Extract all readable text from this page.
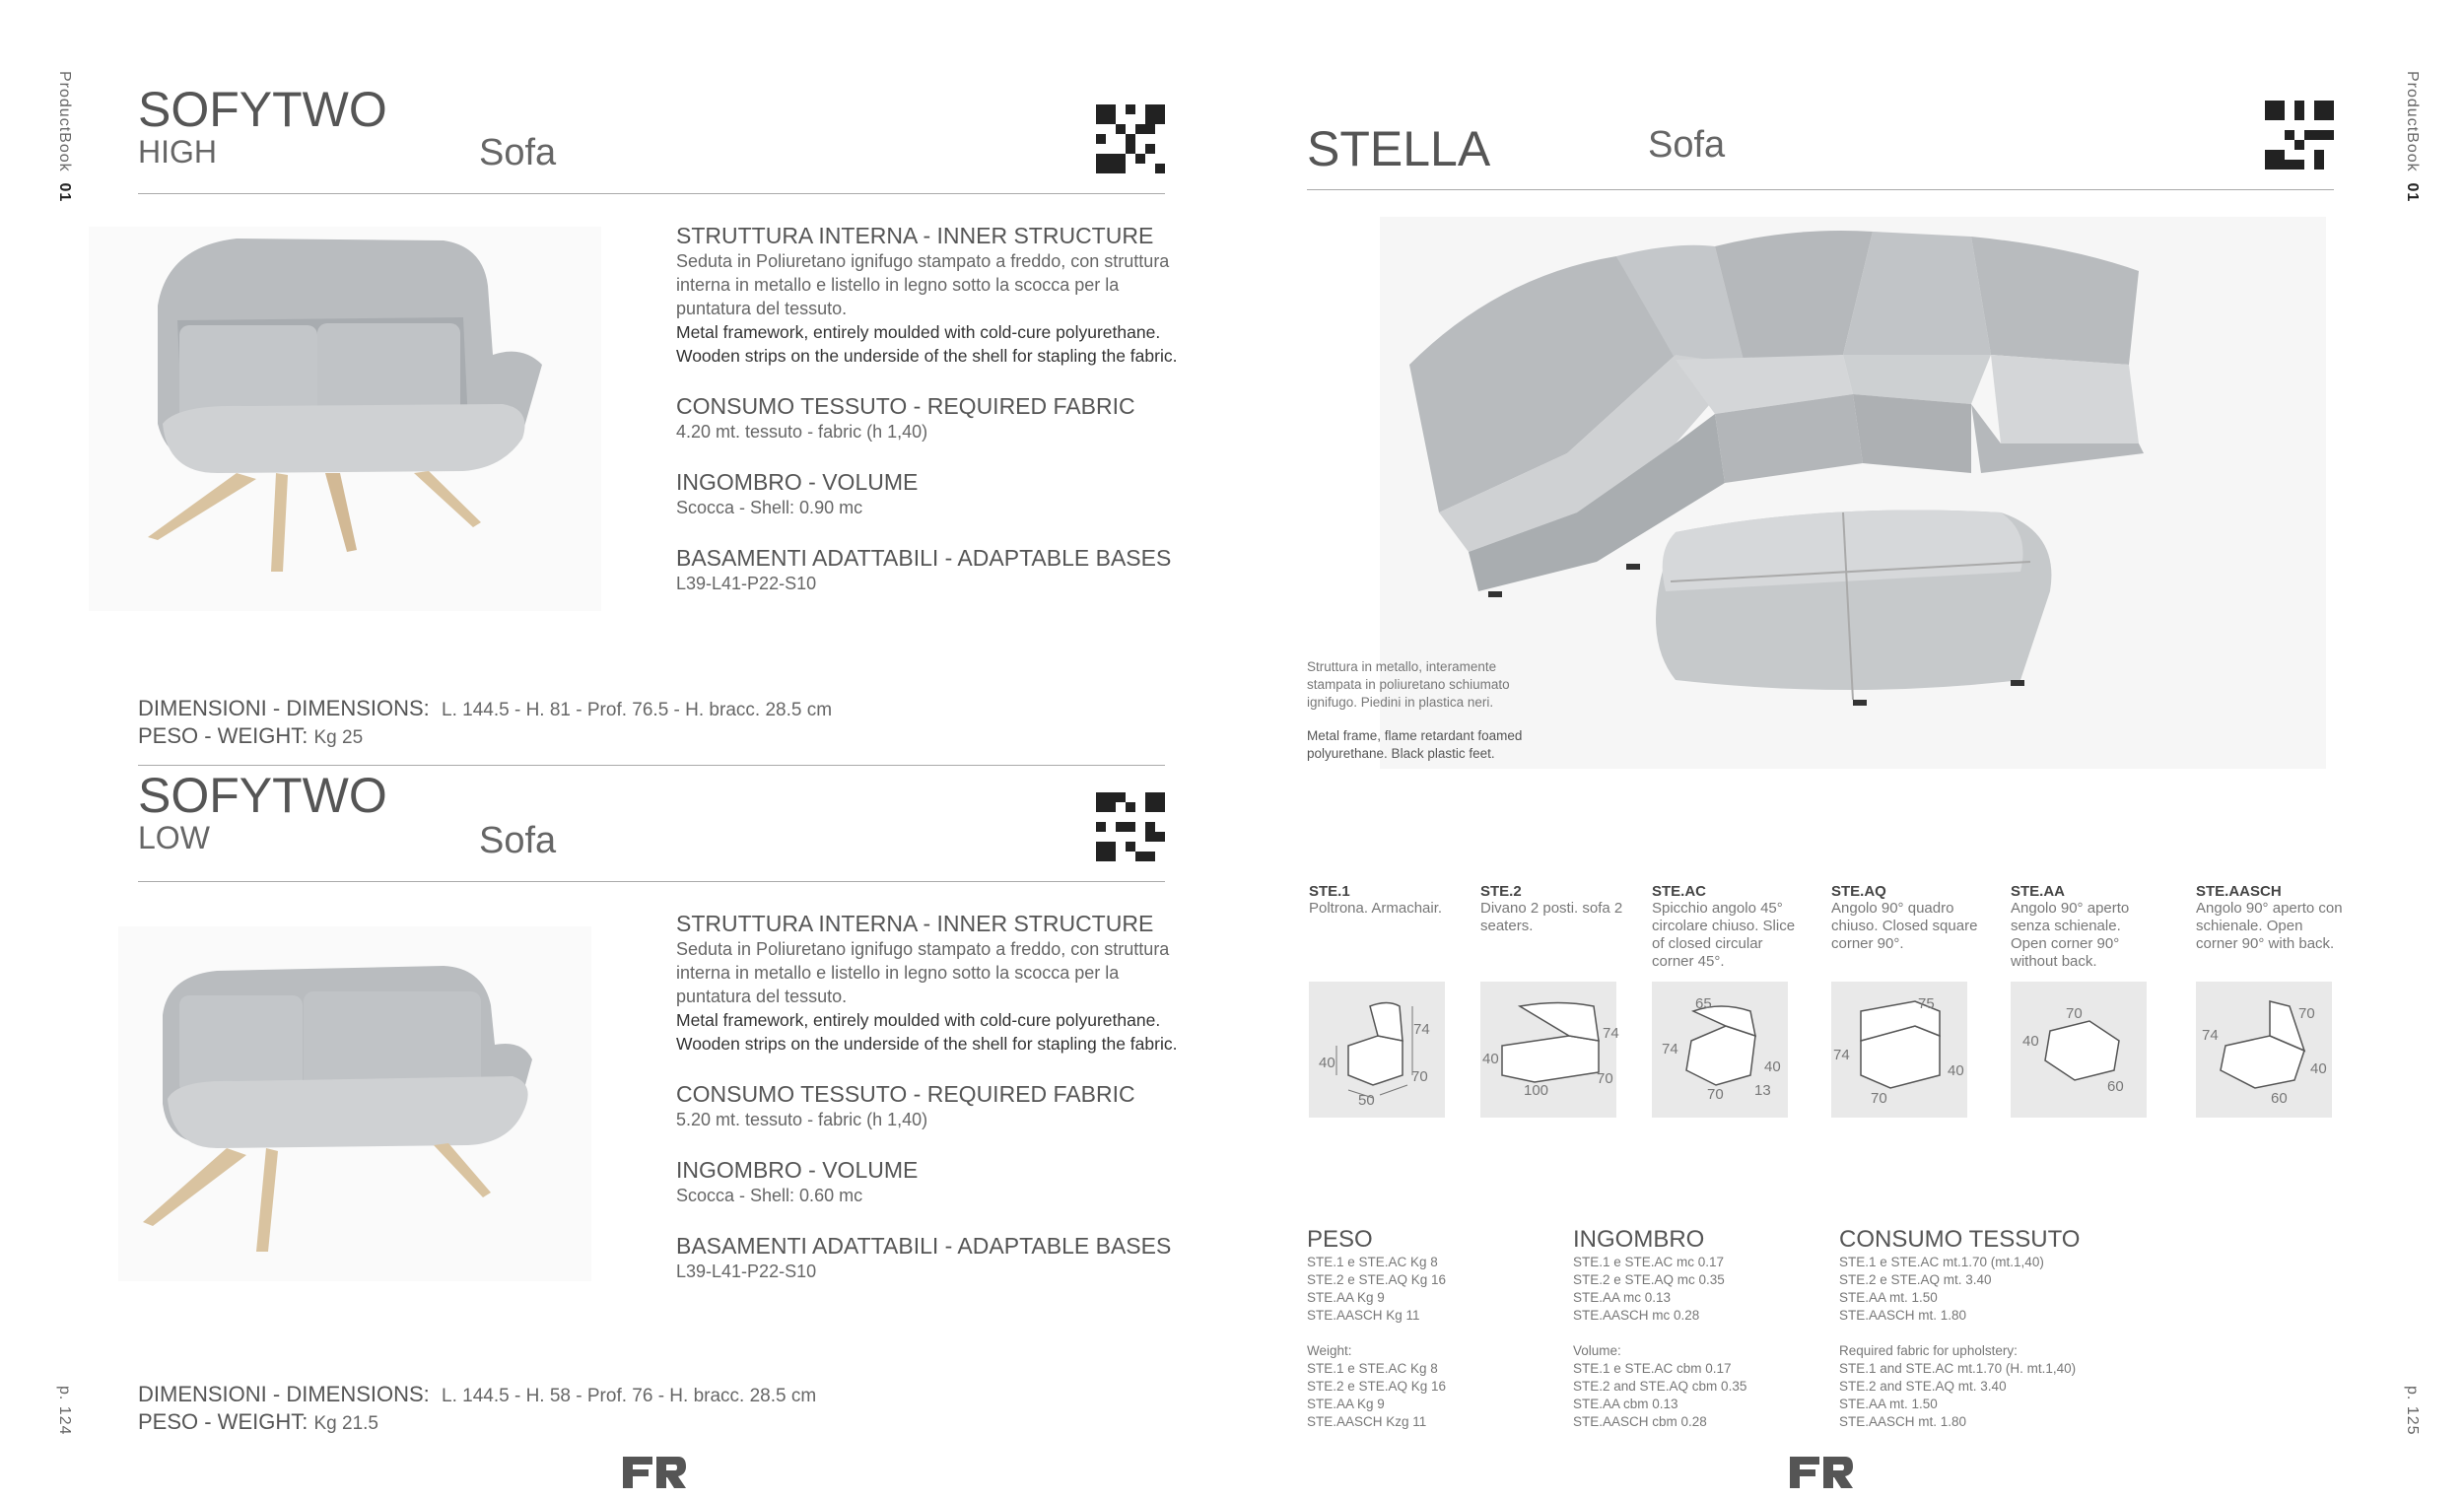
ProductBook  01
p. 124
SOFYTWO
HIGH	Sofa
STRUTTURA INTERNA - INNER STRUCTURE
Seduta in Poliuretano ignifugo stampato a freddo, con struttura interna in metallo e listello in legno sotto la scocca per la puntatura del tessuto.
Metal framework, entirely moulded with cold-cure polyurethane.
Wooden strips on the underside of the shell for stapling the fabric.
CONSUMO TESSUTO - REQUIRED FABRIC
4.20 mt. tessuto - fabric (h 1,40)
INGOMBRO - VOLUME
Scocca - Shell: 0.90 mc
BASAMENTI ADATTABILI - ADAPTABLE BASES
L39-L41-P22-S10
DIMENSIONI - DIMENSIONS: L. 144.5 - H. 81 - Prof. 76.5 - H. bracc. 28.5 cm
PESO - WEIGHT: Kg 25
SOFYTWO
LOW	Sofa
STRUTTURA INTERNA - INNER STRUCTURE
Seduta in Poliuretano ignifugo stampato a freddo, con struttura interna in metallo e listello in legno sotto la scocca per la puntatura del tessuto.
Metal framework, entirely moulded with cold-cure polyurethane.
Wooden strips on the underside of the shell for stapling the fabric.
CONSUMO TESSUTO - REQUIRED FABRIC
5.20 mt. tessuto - fabric (h 1,40)
INGOMBRO - VOLUME
Scocca - Shell: 0.60 mc
BASAMENTI ADATTABILI - ADAPTABLE BASES
L39-L41-P22-S10
DIMENSIONI - DIMENSIONS: L. 144.5 - H. 58 - Prof. 76 - H. bracc. 28.5 cm
PESO - WEIGHT: Kg 21.5
ProductBook  01
p. 125
STELLA	Sofa
Struttura in metallo, interamente stampata in poliuretano schiumato ignifugo. Piedini in plastica neri.
Metal frame, flame retardant foamed polyurethane. Black plastic feet.
STE.1
Poltrona. Armachair.
STE.2
Divano 2 posti. sofa 2 seaters.
STE.AC
Spicchio angolo 45° circolare chiuso. Slice of closed circular corner 45°.
STE.AQ
Angolo 90° quadro chiuso. Closed square corner 90°.
STE.AA
Angolo 90° aperto senza schienale. Open corner 90° without back.
STE.AASCH
Angolo 90° aperto con schienale. Open corner 90° with back.
74
40
50
70
74
40
100
70
65
74
40
70 13
75
74
40
70
70
40
60
70
74
40
60
PESO
STE.1 e STE.AC Kg 8
STE.2 e STE.AQ Kg 16
STE.AA Kg 9
STE.AASCH Kg 11
Weight:
STE.1 e STE.AC Kg 8
STE.2 e STE.AQ Kg 16
STE.AA Kg 9
STE.AASCH Kzg 11
INGOMBRO
STE.1 e STE.AC mc 0.17
STE.2 e STE.AQ mc 0.35
STE.AA mc 0.13
STE.AASCH mc 0.28
Volume:
STE.1 e STE.AC cbm 0.17
STE.2 and STE.AQ cbm 0.35
STE.AA cbm 0.13
STE.AASCH cbm 0.28
CONSUMO TESSUTO
STE.1 e STE.AC mt.1.70 (mt.1,40)
STE.2 e STE.AQ mt. 3.40
STE.AA mt. 1.50
STE.AASCH mt. 1.80
Required fabric for upholstery:
STE.1 and STE.AC mt.1.70 (H. mt.1,40)
STE.2 and STE.AQ mt. 3.40
STE.AA mt. 1.50
STE.AASCH mt. 1.80
